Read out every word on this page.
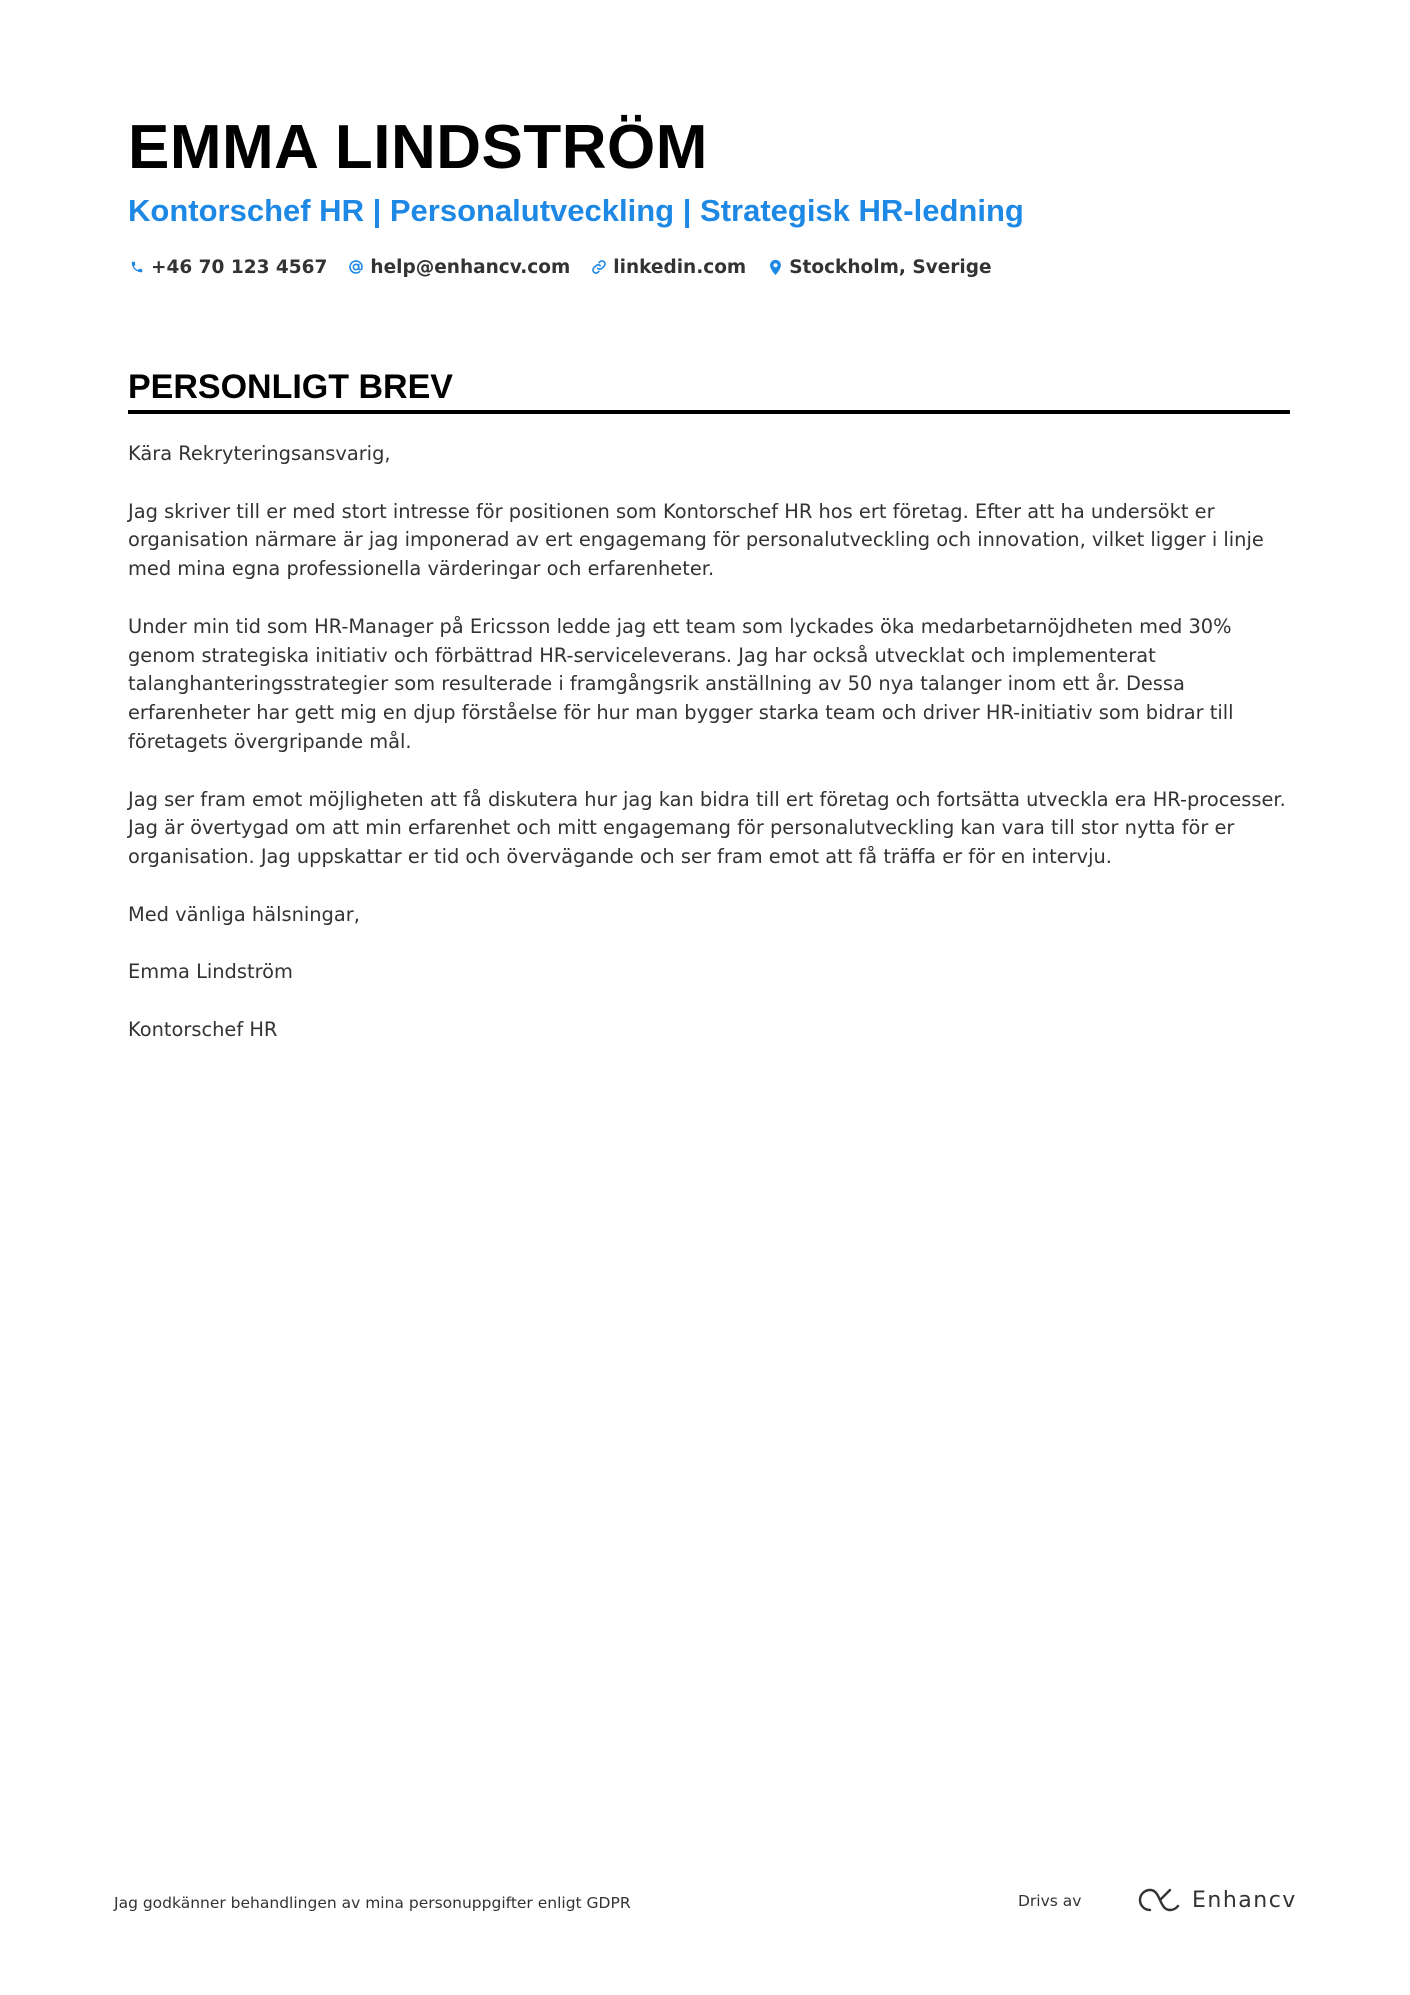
EMMA LINDSTRÖM
Kontorschef HR | Personalutveckling | Strategisk HR-ledning
+46 70 123 4567 help@enhancv.com linkedin.com Stockholm, Sverige
PERSONLIGT BREV

Kära Rekryteringsansvarig,

Jag skriver till er med stort intresse för positionen som Kontorschef HR hos ert företag. Efter att ha undersökt er organisation närmare är jag imponerad av ert engagemang för personalutveckling och innovation, vilket ligger i linje med mina egna professionella värderingar och erfarenheter.

Under min tid som HR-Manager på Ericsson ledde jag ett team som lyckades öka medarbetarnöjdheten med 30% genom strategiska initiativ och förbättrad HR-serviceleverans. Jag har också utvecklat och implementerat talanghanteringsstrategier som resulterade i framgångsrik anställning av 50 nya talanger inom ett år. Dessa erfarenheter har gett mig en djup förståelse för hur man bygger starka team och driver HR-initiativ som bidrar till företagets övergripande mål.

Jag ser fram emot möjligheten att få diskutera hur jag kan bidra till ert företag och fortsätta utveckla era HR-processer. Jag är övertygad om att min erfarenhet och mitt engagemang för personalutveckling kan vara till stor nytta för er organisation. Jag uppskattar er tid och övervägande och ser fram emot att få träffa er för en intervju.

Med vänliga hälsningar,

Emma Lindström

Kontorschef HR

Jag godkänner behandlingen av mina personuppgifter enligt GDPR	Drivs av	Enhancv
